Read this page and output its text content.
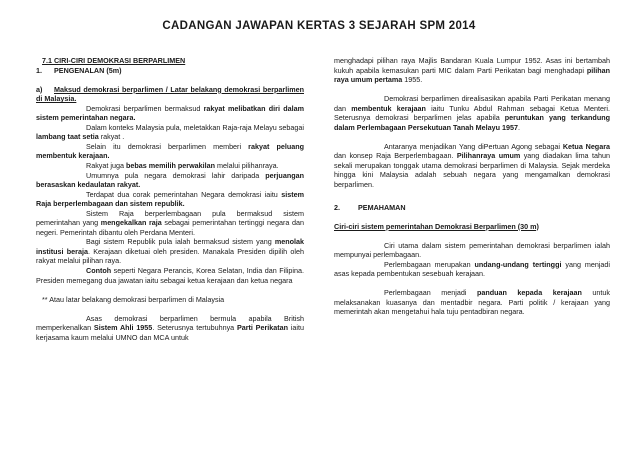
CADANGAN JAWAPAN KERTAS 3 SEJARAH SPM 2014

7.1 CIRI-CIRI DEMOKRASI BERPARLIMEN

1. PENGENALAN (5m)

a) Maksud demokrasi berparlimen / Latar belakang demokrasi berparlimen di Malaysia.

Demokrasi berparlimen bermaksud rakyat melibatkan diri dalam sistem pemerintahan negara.

Dalam konteks Malaysia pula, meletakkan Raja-raja Melayu sebagai lambang taat setia rakyat .

Selain itu demokrasi berparlimen memberi rakyat peluang membentuk kerajaan.

Rakyat juga bebas memilih perwakilan melalui pilihanraya.

Umumnya pula negara demokrasi lahir daripada perjuangan berasaskan kedaulatan rakyat.

Terdapat dua corak pemerintahan Negara demokrasi iaitu sistem Raja berperlembagaan dan sistem republik.

Sistem Raja berperlembagaan pula bermaksud sistem pemerintahan yang mengekalkan raja sebagai pemerintahan tertinggi negara dan negeri. Pemerintah dibantu oleh Perdana Menteri.

Bagi sistem Republik pula ialah bermaksud sistem yang menolak institusi beraja. Kerajaan diketuai oleh presiden. Manakala Presiden dipilih oleh rakyat melalui pilihan raya.

Contoh seperti Negara Perancis, Korea Selatan, India dan Filipina. Presiden memegang dua jawatan iaitu sebagai ketua kerajaan dan ketua negara

** Atau latar belakang demokrasi berparlimen di Malaysia

Asas demokrasi berparlimen bermula apabila British memperkenalkan Sistem Ahli 1955. Seterusnya tertubuhnya Parti Perikatan iaitu kerjasama kaum melalui UMNO dan MCA untuk

menghadapi pilihan raya Majlis Bandaran Kuala Lumpur 1952. Asas ini bertambah kukuh apabila kemasukan parti MIC dalam Parti Perikatan bagi menghadapi pilihan raya umum pertama 1955.

Demokrasi berparlimen direalisasikan apabila Parti Perikatan menang dan membentuk kerajaan iaitu Tunku Abdul Rahman sebagai Ketua Menteri. Seterusnya demokrasi berparlimen jelas apabila peruntukan yang terkandung dalam Perlembagaan Persekutuan Tanah Melayu 1957.

Antaranya menjadikan Yang diPertuan Agong sebagai Ketua Negara dan konsep Raja Berperlembagaan. Pilihanraya umum yang diadakan lima tahun sekali merupakan tonggak utama demokrasi berparlimen di Malaysia. Sejak merdeka hingga kini Malaysia adalah sebuah negara yang mengamalkan demokrasi berparlimen.

2.	PEMAHAMAN

Ciri-ciri sistem pemerintahan Demokrasi Berparlimen (30 m)

Ciri utama dalam sistem pemerintahan demokrasi berparlimen ialah mempunyai perlembagaan.

Perlembagaan merupakan undang-undang tertinggi yang menjadi asas kepada pembentukan sesebuah kerajaan.

Perlembagaan menjadi panduan kepada kerajaan untuk melaksanakan kuasanya dan mentadbir negara. Parti politik / kerajaan yang memerintah akan mengetahui hala tuju pentadbiran negara.
